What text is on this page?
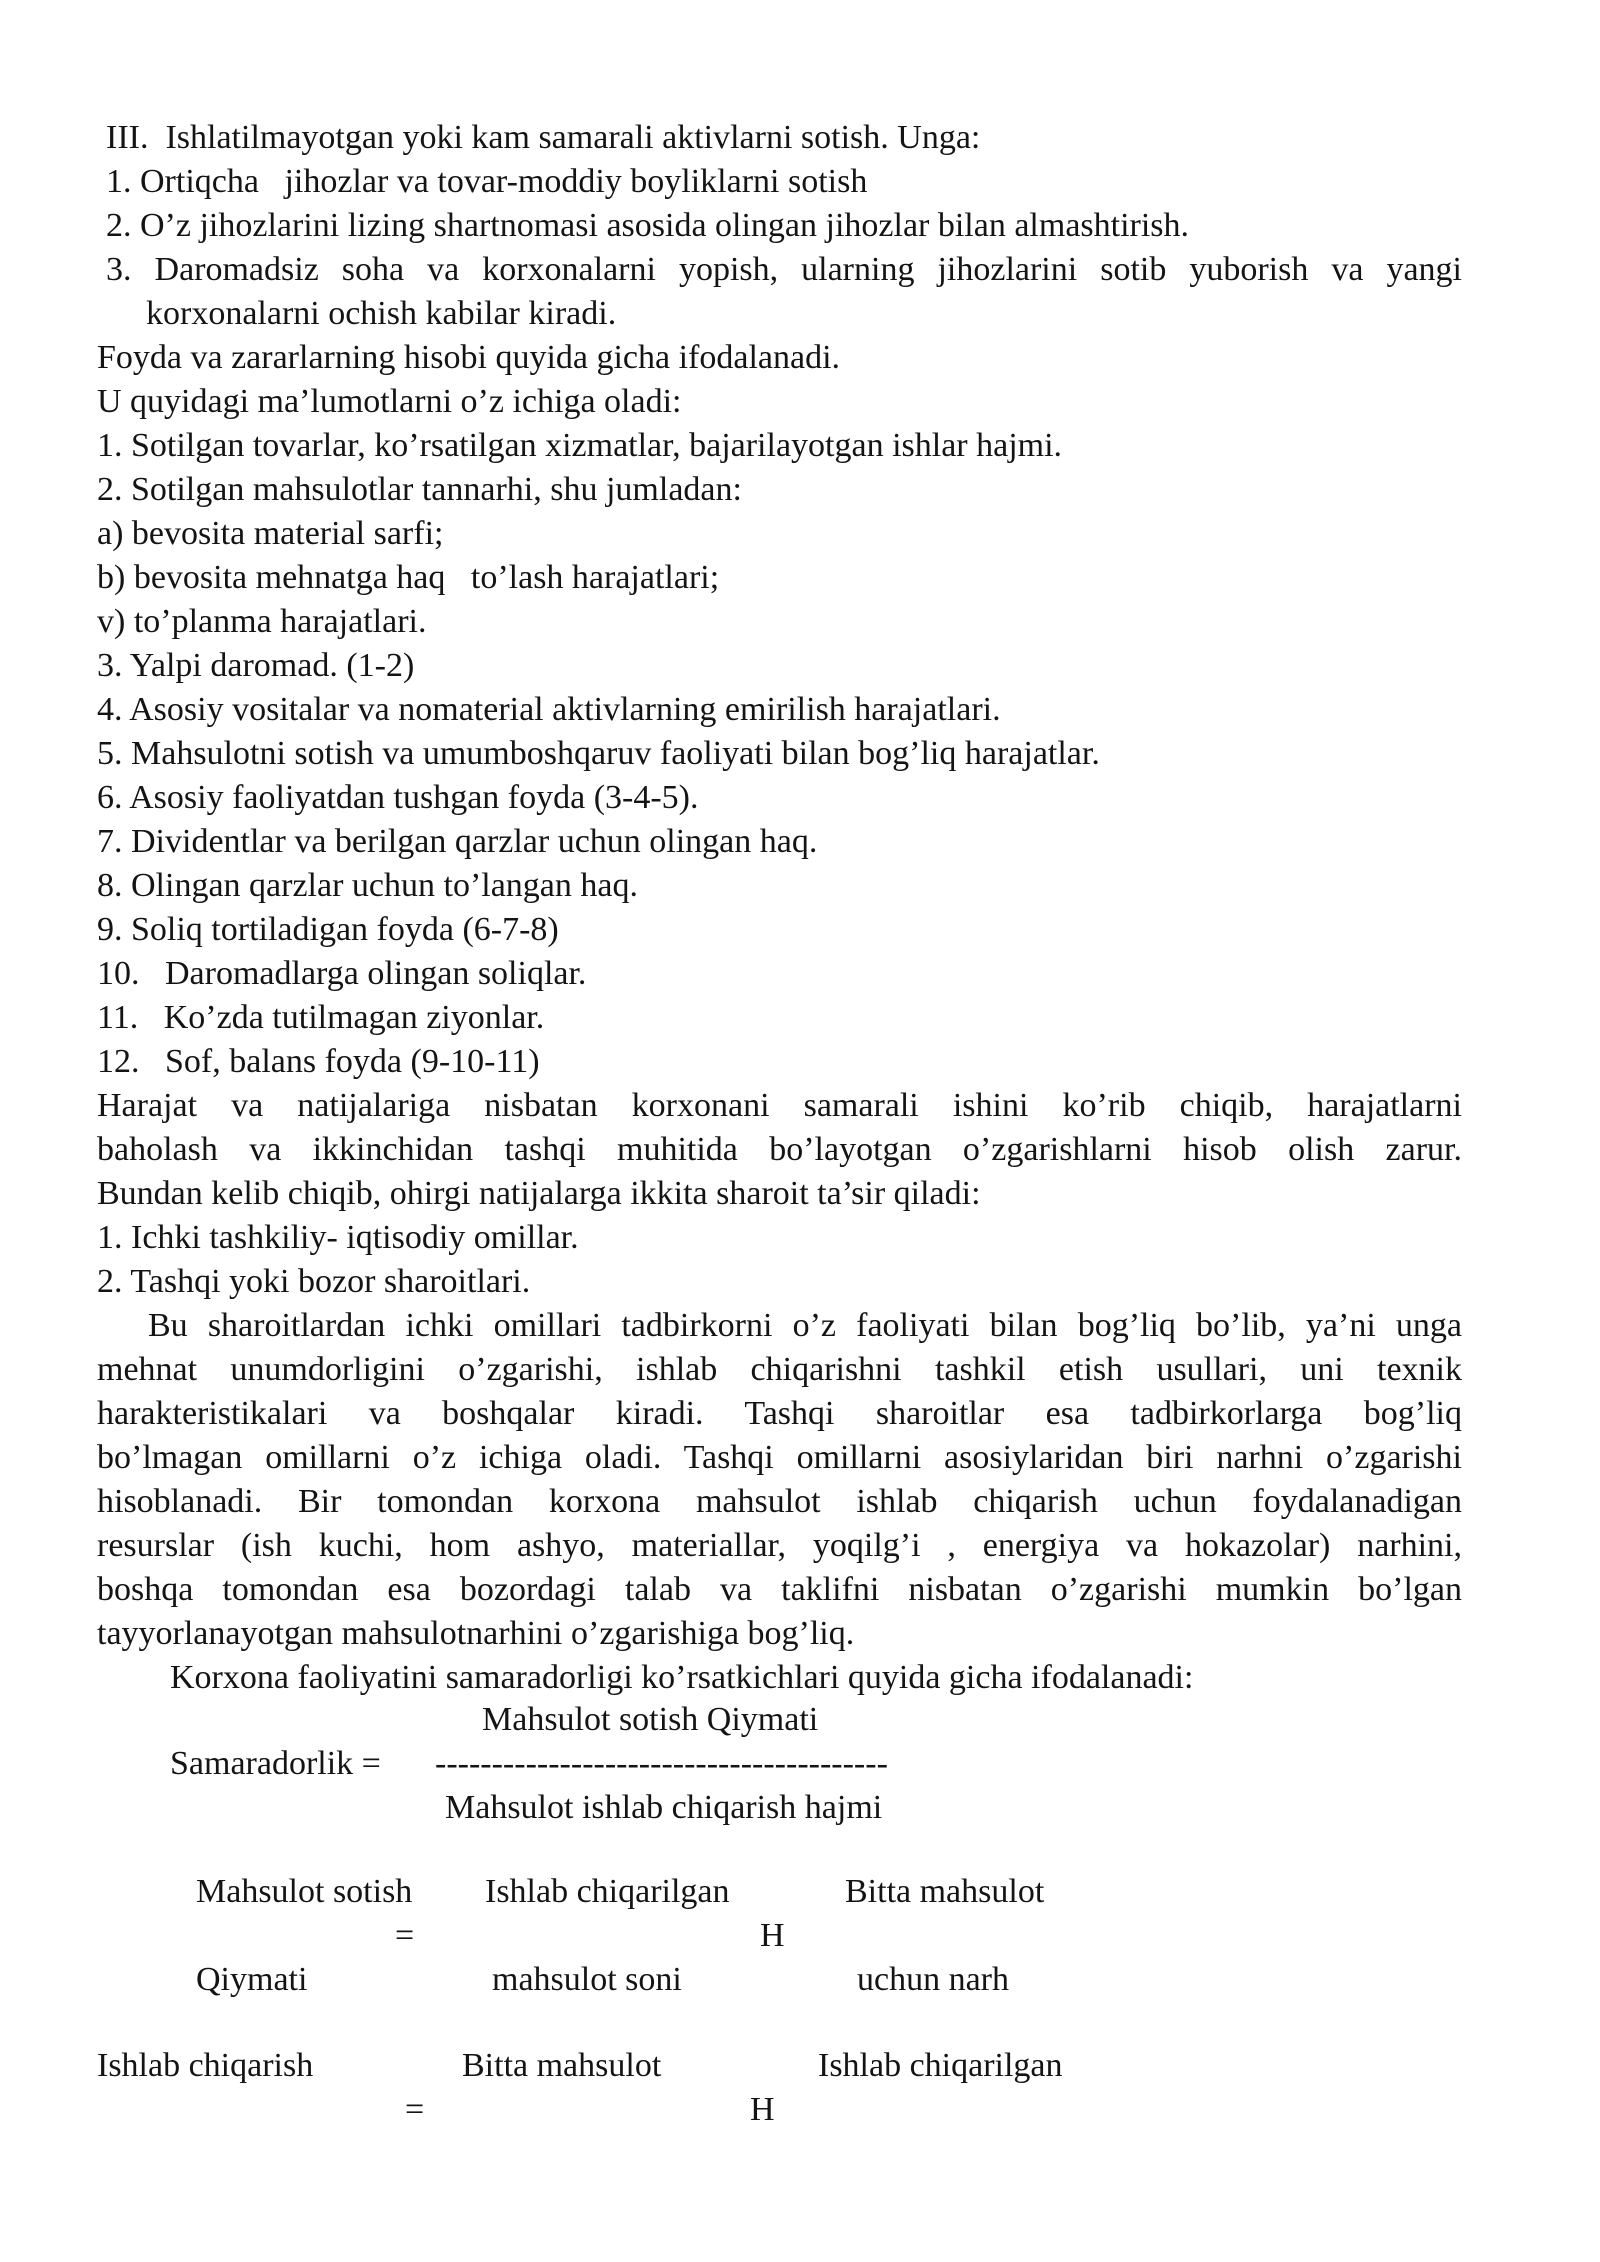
III.  Ishlatilmayotgan yoki kam samarali aktivlarni sotish. Unga:
1. Ortiqcha   jihozlar va tovar-moddiy boyliklarni sotish
2. O’z jihozlarini lizing shartnomasi asosida olingan jihozlar bilan almashtirish.
3. Daromadsiz soha va korxonalarni yopish, ularning jihozlarini sotib yuborish va yangi
korxonalarni ochish kabilar kiradi.
Foyda va zararlarning hisobi quyida gicha ifodalanadi.
U quyidagi ma’lumotlarni o’z ichiga oladi:
1. Sotilgan tovarlar, ko’rsatilgan xizmatlar, bajarilayotgan ishlar hajmi.
2. Sotilgan mahsulotlar tannarhi, shu jumladan:
a) bevosita material sarfi;
b) bevosita mehnatga haq   to’lash harajatlari;
v) to’planma harajatlari.
3. Yalpi daromad. (1-2)
4. Asosiy vositalar va nomaterial aktivlarning emirilish harajatlari.
5. Mahsulotni sotish va umumboshqaruv faoliyati bilan bog’liq harajatlar.
6. Asosiy faoliyatdan tushgan foyda (3-4-5).
7. Dividentlar va berilgan qarzlar uchun olingan haq.
8. Olingan qarzlar uchun to’langan haq.
9. Soliq tortiladigan foyda (6-7-8)
10.   Daromadlarga olingan soliqlar.
11.   Ko’zda tutilmagan ziyonlar.
12.   Sof, balans foyda (9-10-11)
Harajat va natijalariga nisbatan korxonani samarali ishini ko’rib chiqib, harajatlarni
baholash va ikkinchidan tashqi muhitida bo’layotgan o’zgarishlarni hisob olish zarur.
Bundan kelib chiqib, ohirgi natijalarga ikkita sharoit ta’sir qiladi:
1. Ichki tashkiliy- iqtisodiy omillar.
2. Tashqi yoki bozor sharoitlari.
Bu sharoitlardan ichki omillari tadbirkorni o’z faoliyati bilan bog’liq bo’lib, ya’ni unga
mehnat unumdorligini o’zgarishi, ishlab chiqarishni tashkil etish usullari, uni texnik
harakteristikalari va boshqalar kiradi. Tashqi sharoitlar esa tadbirkorlarga bog’liq
bo’lmagan omillarni o’z ichiga oladi. Tashqi omillarni asosiylaridan biri narhni o’zgarishi
hisoblanadi. Bir tomondan korxona mahsulot ishlab chiqarish uchun foydalanadigan
resurslar (ish kuchi, hom ashyo, materiallar, yoqilg’i , energiya va hokazolar) narhini,
boshqa tomondan esa bozordagi talab va taklifni nisbatan o’zgarishi mumkin bo’lgan
tayyorlanayotgan mahsulotnarhini o’zgarishiga bog’liq.
Korxona faoliyatini samaradorligi ko’rsatkichlari quyida gicha ifodalanadi:
Mahsulot sotish Qiymati
Samaradorlik = ----------------------------------------
Mahsulot ishlab chiqarish hajmi
Mahsulot sotish Ishlab chiqarilgan	Bitta mahsulot
=	H
Qiymati	mahsulot soni	uchun narh
Ishlab chiqarish	Bitta mahsulot	Ishlab chiqarilgan
=	H
